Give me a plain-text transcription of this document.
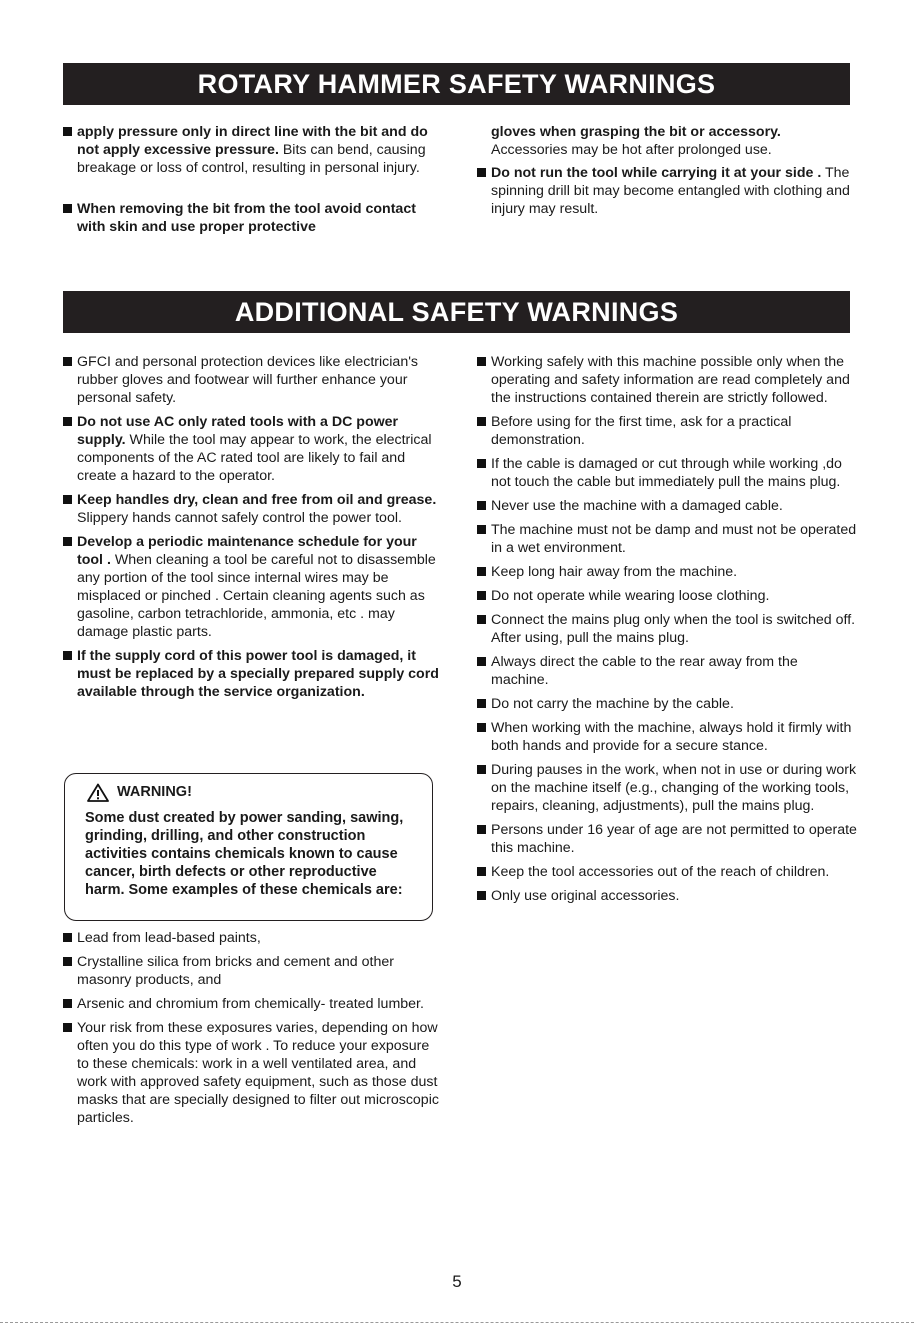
ROTARY HAMMER SAFETY WARNINGS
apply pressure only in direct line with the bit and do not apply excessive pressure. Bits can bend, causing breakage or loss of control, resulting in personal injury.
When removing the bit from the tool avoid contact with skin and use proper protective
gloves when grasping the bit or accessory. Accessories may be hot after prolonged use.
Do not run the tool while carrying it at your side . The spinning drill bit may become entangled with clothing and injury may result.
ADDITIONAL SAFETY WARNINGS
GFCI and personal protection devices like electrician's rubber gloves and footwear will further enhance your personal safety.
Do not use AC only rated tools with a DC power supply. While the tool may appear to work, the electrical components of the AC rated tool are likely to fail and create a hazard to the operator.
Keep handles dry, clean and free from oil and grease. Slippery hands cannot safely control the power tool.
Develop a periodic maintenance schedule for your tool . When cleaning a tool be careful not to disassemble any portion of the tool since internal wires may be misplaced or pinched . Certain cleaning agents such as gasoline, carbon tetrachloride, ammonia, etc . may damage plastic parts.
If the supply cord of this power tool is damaged, it must be replaced by a specially prepared supply cord available through the service organization.
WARNING!
Some dust created by power sanding, sawing, grinding, drilling, and other construction activities contains chemicals known to cause cancer, birth defects or other reproductive harm. Some examples of these chemicals are:
Lead from lead-based paints,
Crystalline silica from bricks and cement and other masonry products, and
Arsenic and chromium from chemically- treated lumber.
Your risk from these exposures varies, depending on how often you do this type of work . To reduce your exposure to these chemicals: work in a well ventilated area, and work with approved safety equipment, such as those dust masks that are specially designed to filter out microscopic particles.
Working safely with this machine possible only when the operating and safety information are read completely and the instructions contained therein are strictly followed.
Before using for the first time, ask for a practical demonstration.
If the cable is damaged or cut through while working ,do not touch the cable but immediately pull the mains plug.
Never use the machine with a damaged cable.
The machine must not be damp and must not be operated in a wet environment.
Keep long hair away from the machine.
Do not operate while wearing loose clothing.
Connect the mains plug only when the tool is switched off. After using, pull the mains plug.
Always direct the cable to the rear away from the machine.
Do not carry the machine by the cable.
When working with the machine, always hold it firmly with both hands and provide for a secure stance.
During pauses in the work, when not in use or during work on the machine itself (e.g., changing of the working tools, repairs, cleaning, adjustments), pull the mains plug.
Persons under 16 year of age are not permitted to operate this machine.
Keep the tool accessories out of the reach of children.
Only use original accessories.
5
